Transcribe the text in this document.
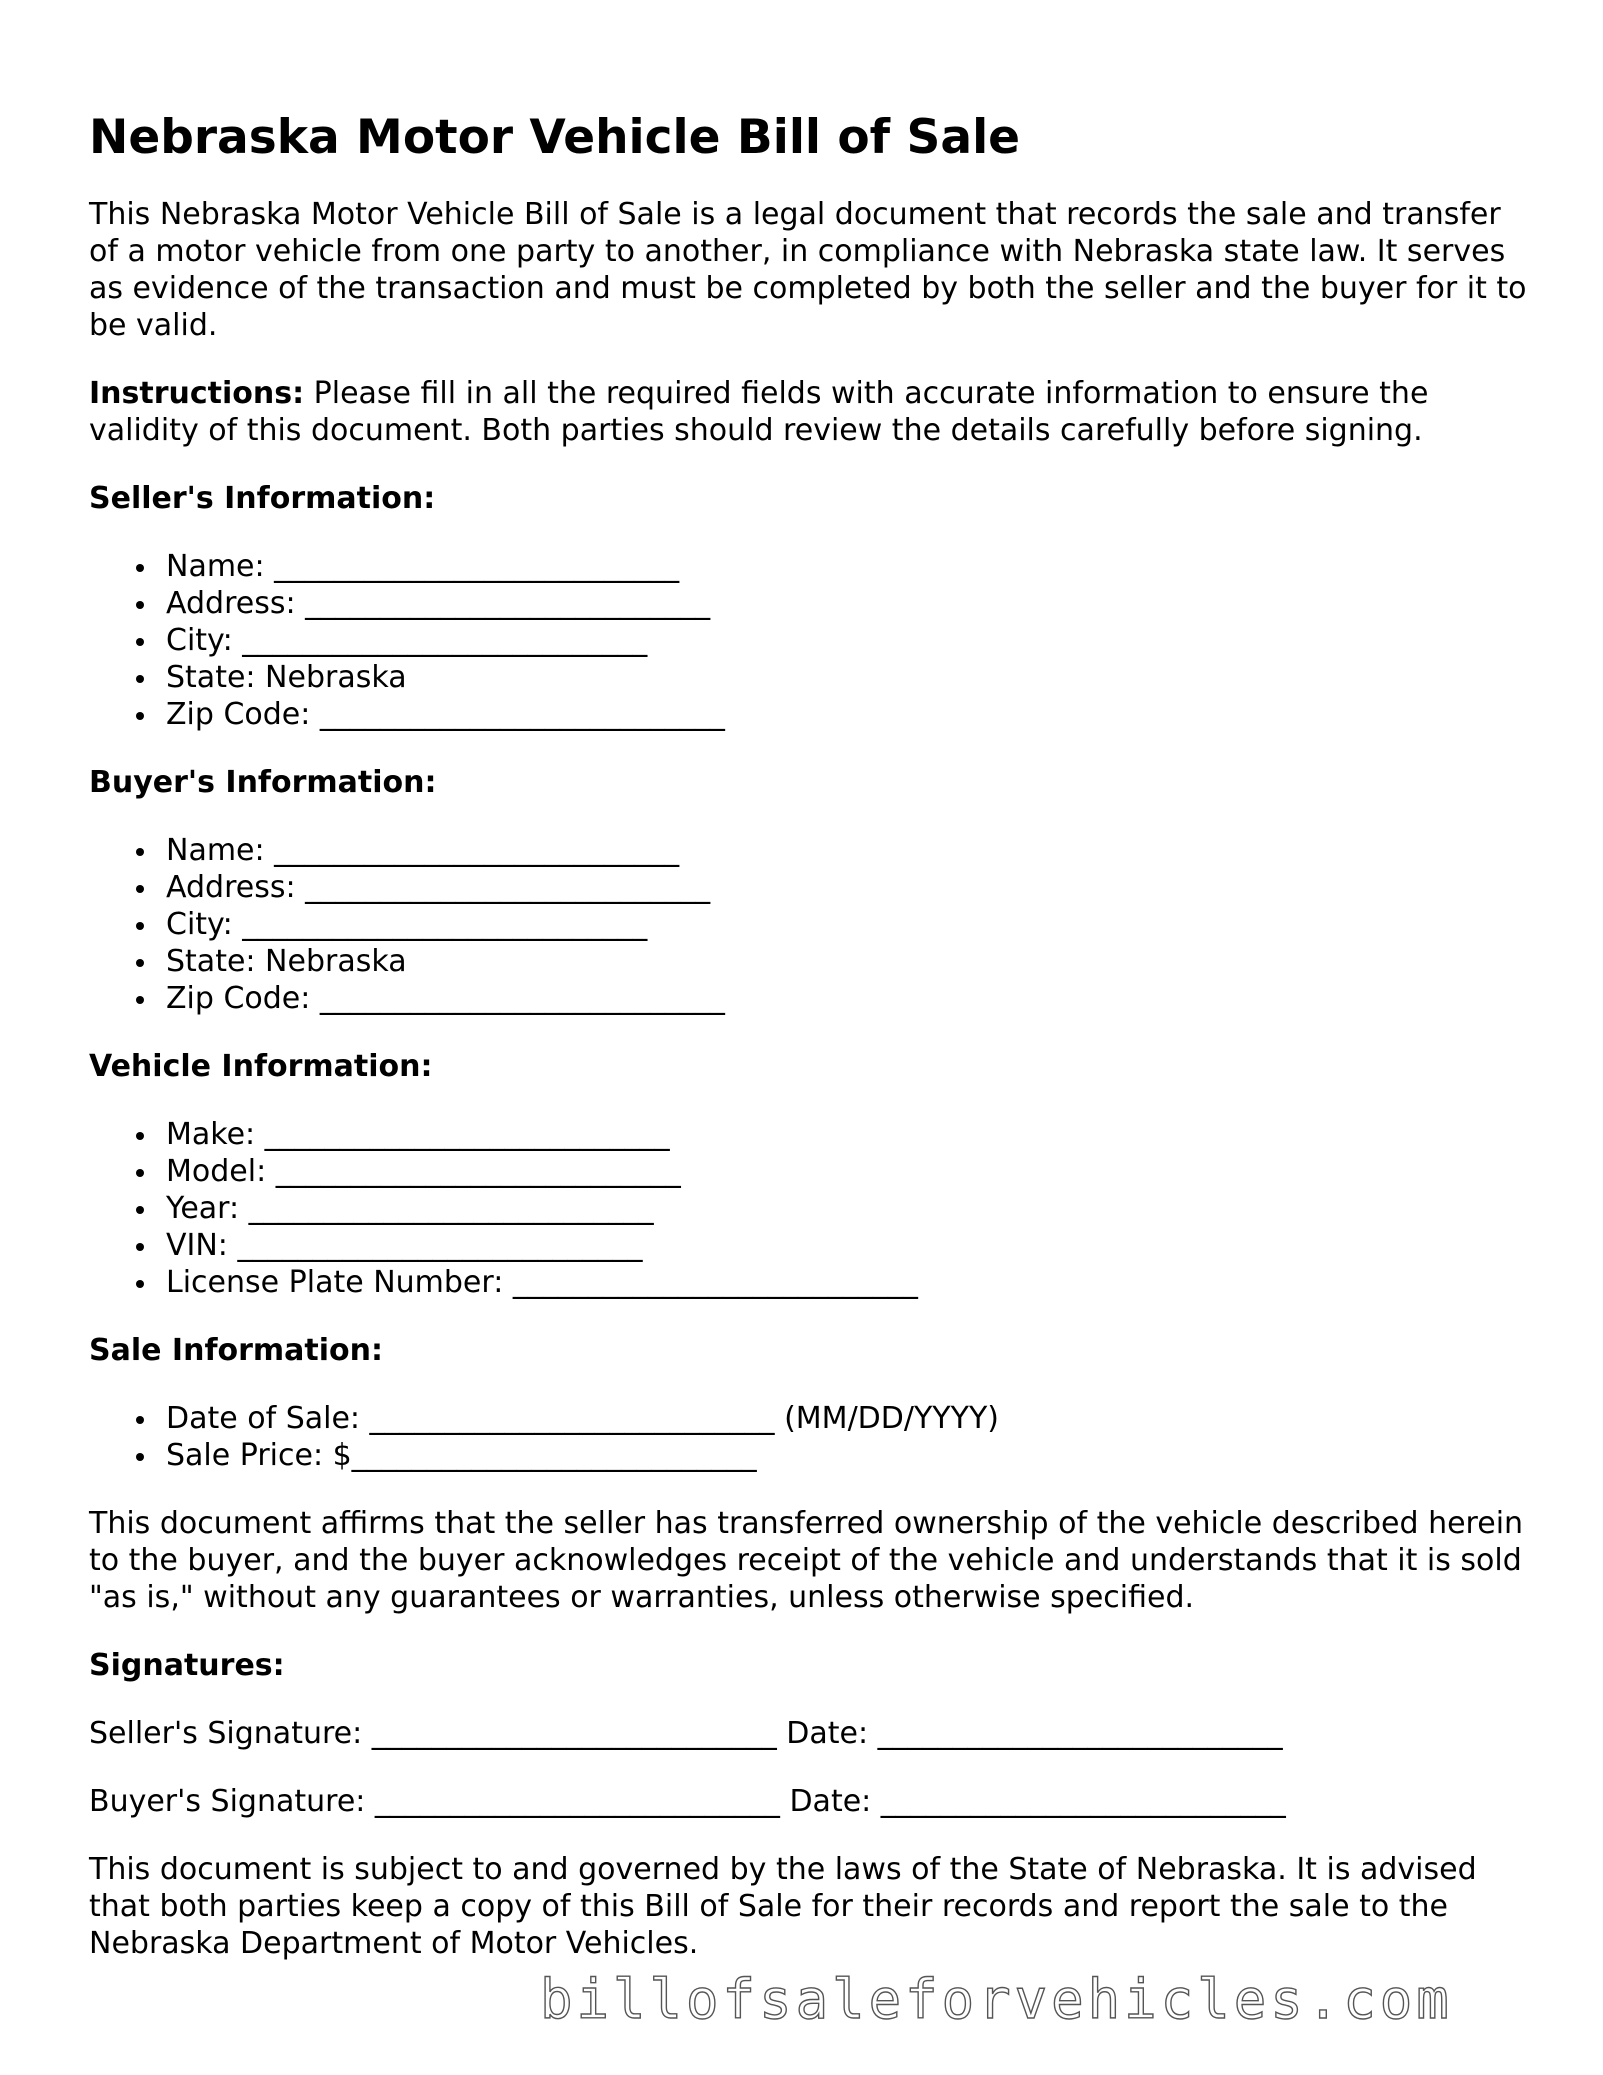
Nebraska Motor Vehicle Bill of Sale

This Nebraska Motor Vehicle Bill of Sale is a legal document that records the sale and transfer of a motor vehicle from one party to another, in compliance with Nebraska state law. It serves as evidence of the transaction and must be completed by both the seller and the buyer for it to be valid.

Instructions: Please fill in all the required fields with accurate information to ensure the validity of this document. Both parties should review the details carefully before signing.

Seller's Information:
Name: ___________________________
Address: ___________________________
City: ___________________________
State: Nebraska
Zip Code: ___________________________
Buyer's Information:
Name: ___________________________
Address: ___________________________
City: ___________________________
State: Nebraska
Zip Code: ___________________________
Vehicle Information:
Make: ___________________________
Model: ___________________________
Year: ___________________________
VIN: ___________________________
License Plate Number: ___________________________
Sale Information:
Date of Sale: ___________________________ (MM/DD/YYYY)
Sale Price: $___________________________

This document affirms that the seller has transferred ownership of the vehicle described herein to the buyer, and the buyer acknowledges receipt of the vehicle and understands that it is sold "as is," without any guarantees or warranties, unless otherwise specified.

Signatures:

Seller's Signature: ___________________________ Date: ___________________________

Buyer's Signature: ___________________________ Date: ___________________________

This document is subject to and governed by the laws of the State of Nebraska. It is advised that both parties keep a copy of this Bill of Sale for their records and report the sale to the Nebraska Department of Motor Vehicles.

billofsaleforvehicles.com
